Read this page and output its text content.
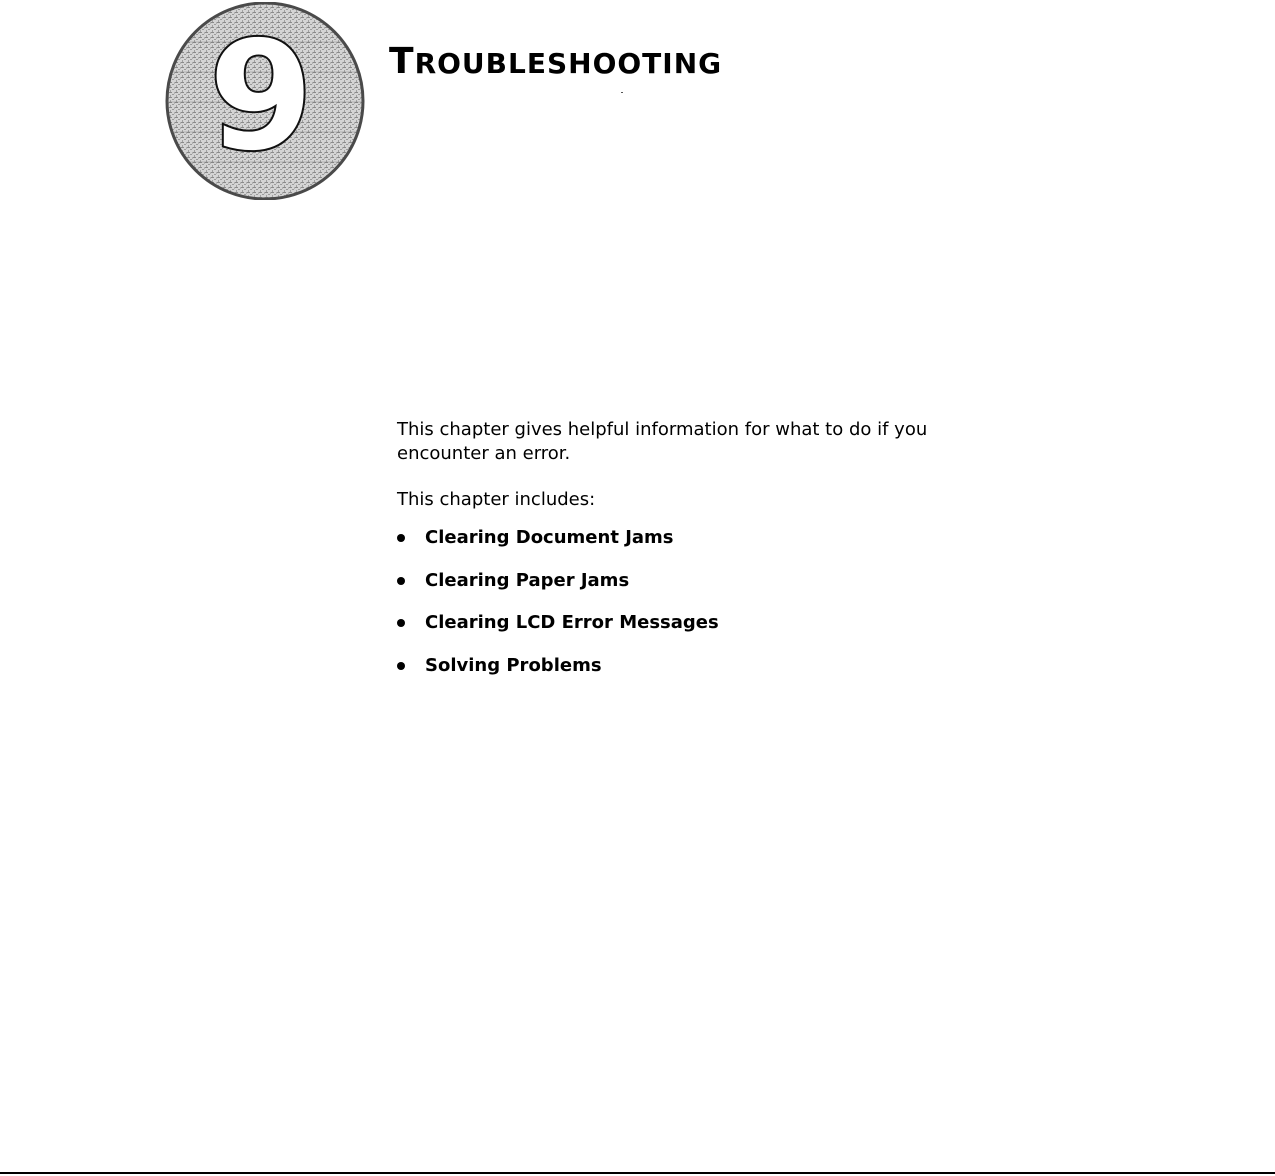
9 TROUBLESHOOTING

This chapter gives helpful information for what to do if you encounter an error.

This chapter includes:

Clearing Document Jams
Clearing Paper Jams
Clearing LCD Error Messages
Solving Problems
